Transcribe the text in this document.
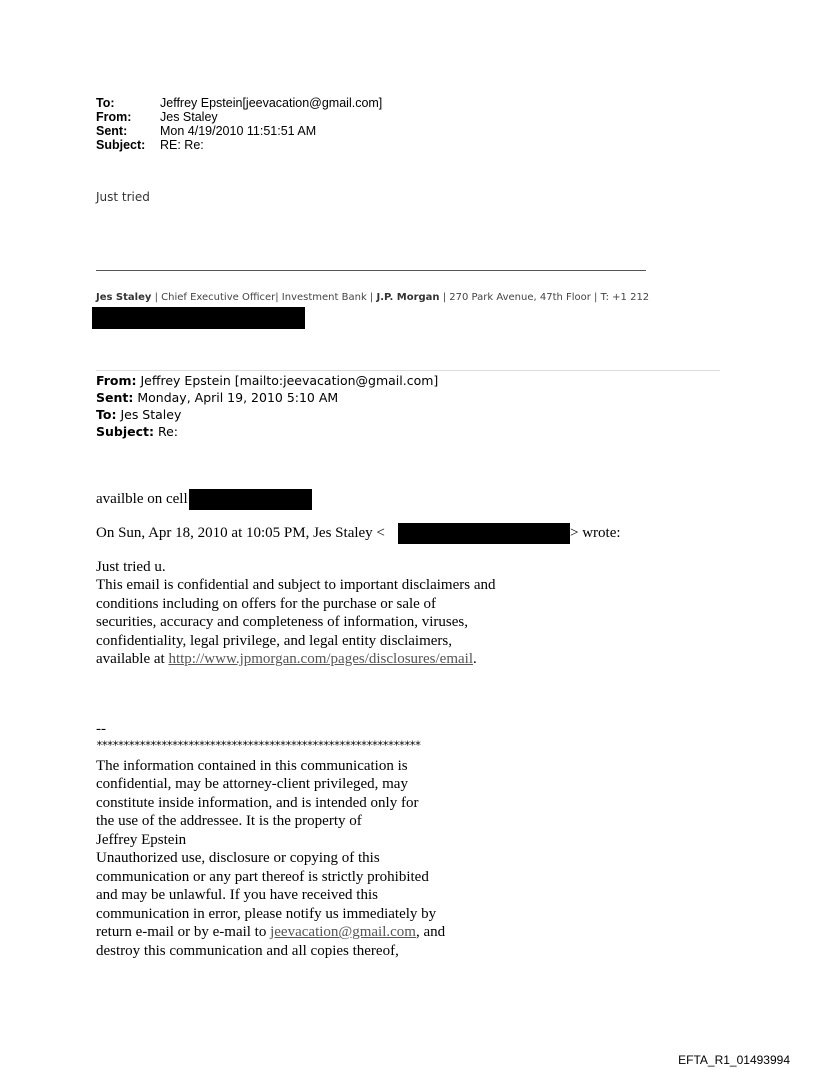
To:	Jeffrey Epstein[jeevacation@gmail.com]
From: Jes Staley
Sent:	Mon 4/19/2010 11:51:51 AM
Subject: RE: Re:
Just tried
Jes Staley | Chief Executive Officer| Investment Bank | J.P. Morgan | 270 Park Avenue, 47th Floor | T: +1 212
From: Jeffrey Epstein [mailto:jeevacation@gmail.com]
Sent: Monday, April 19, 2010 5:10 AM
To: Jes Staley
Subject: Re:
availble on cell
On Sun, Apr 18, 2010 at 10:05 PM, Jes Staley <	> wrote:
Just tried u.
This email is confidential and subject to important disclaimers and
conditions including on offers for the purchase or sale of
securities, accuracy and completeness of information, viruses,
confidentiality, legal privilege, and legal entity disclaimers,
available at http://www.jpmorgan.com/pages/disclosures/email.
--
************************************************************
The information contained in this communication is
confidential, may be attorney-client privileged, may
constitute inside information, and is intended only for
the use of the addressee. It is the property of
Jeffrey Epstein
Unauthorized use, disclosure or copying of this
communication or any part thereof is strictly prohibited
and may be unlawful. If you have received this
communication in error, please notify us immediately by
return e-mail or by e-mail to jeevacation@gmail.com, and
destroy this communication and all copies thereof,
EFTA_R1_01493994
